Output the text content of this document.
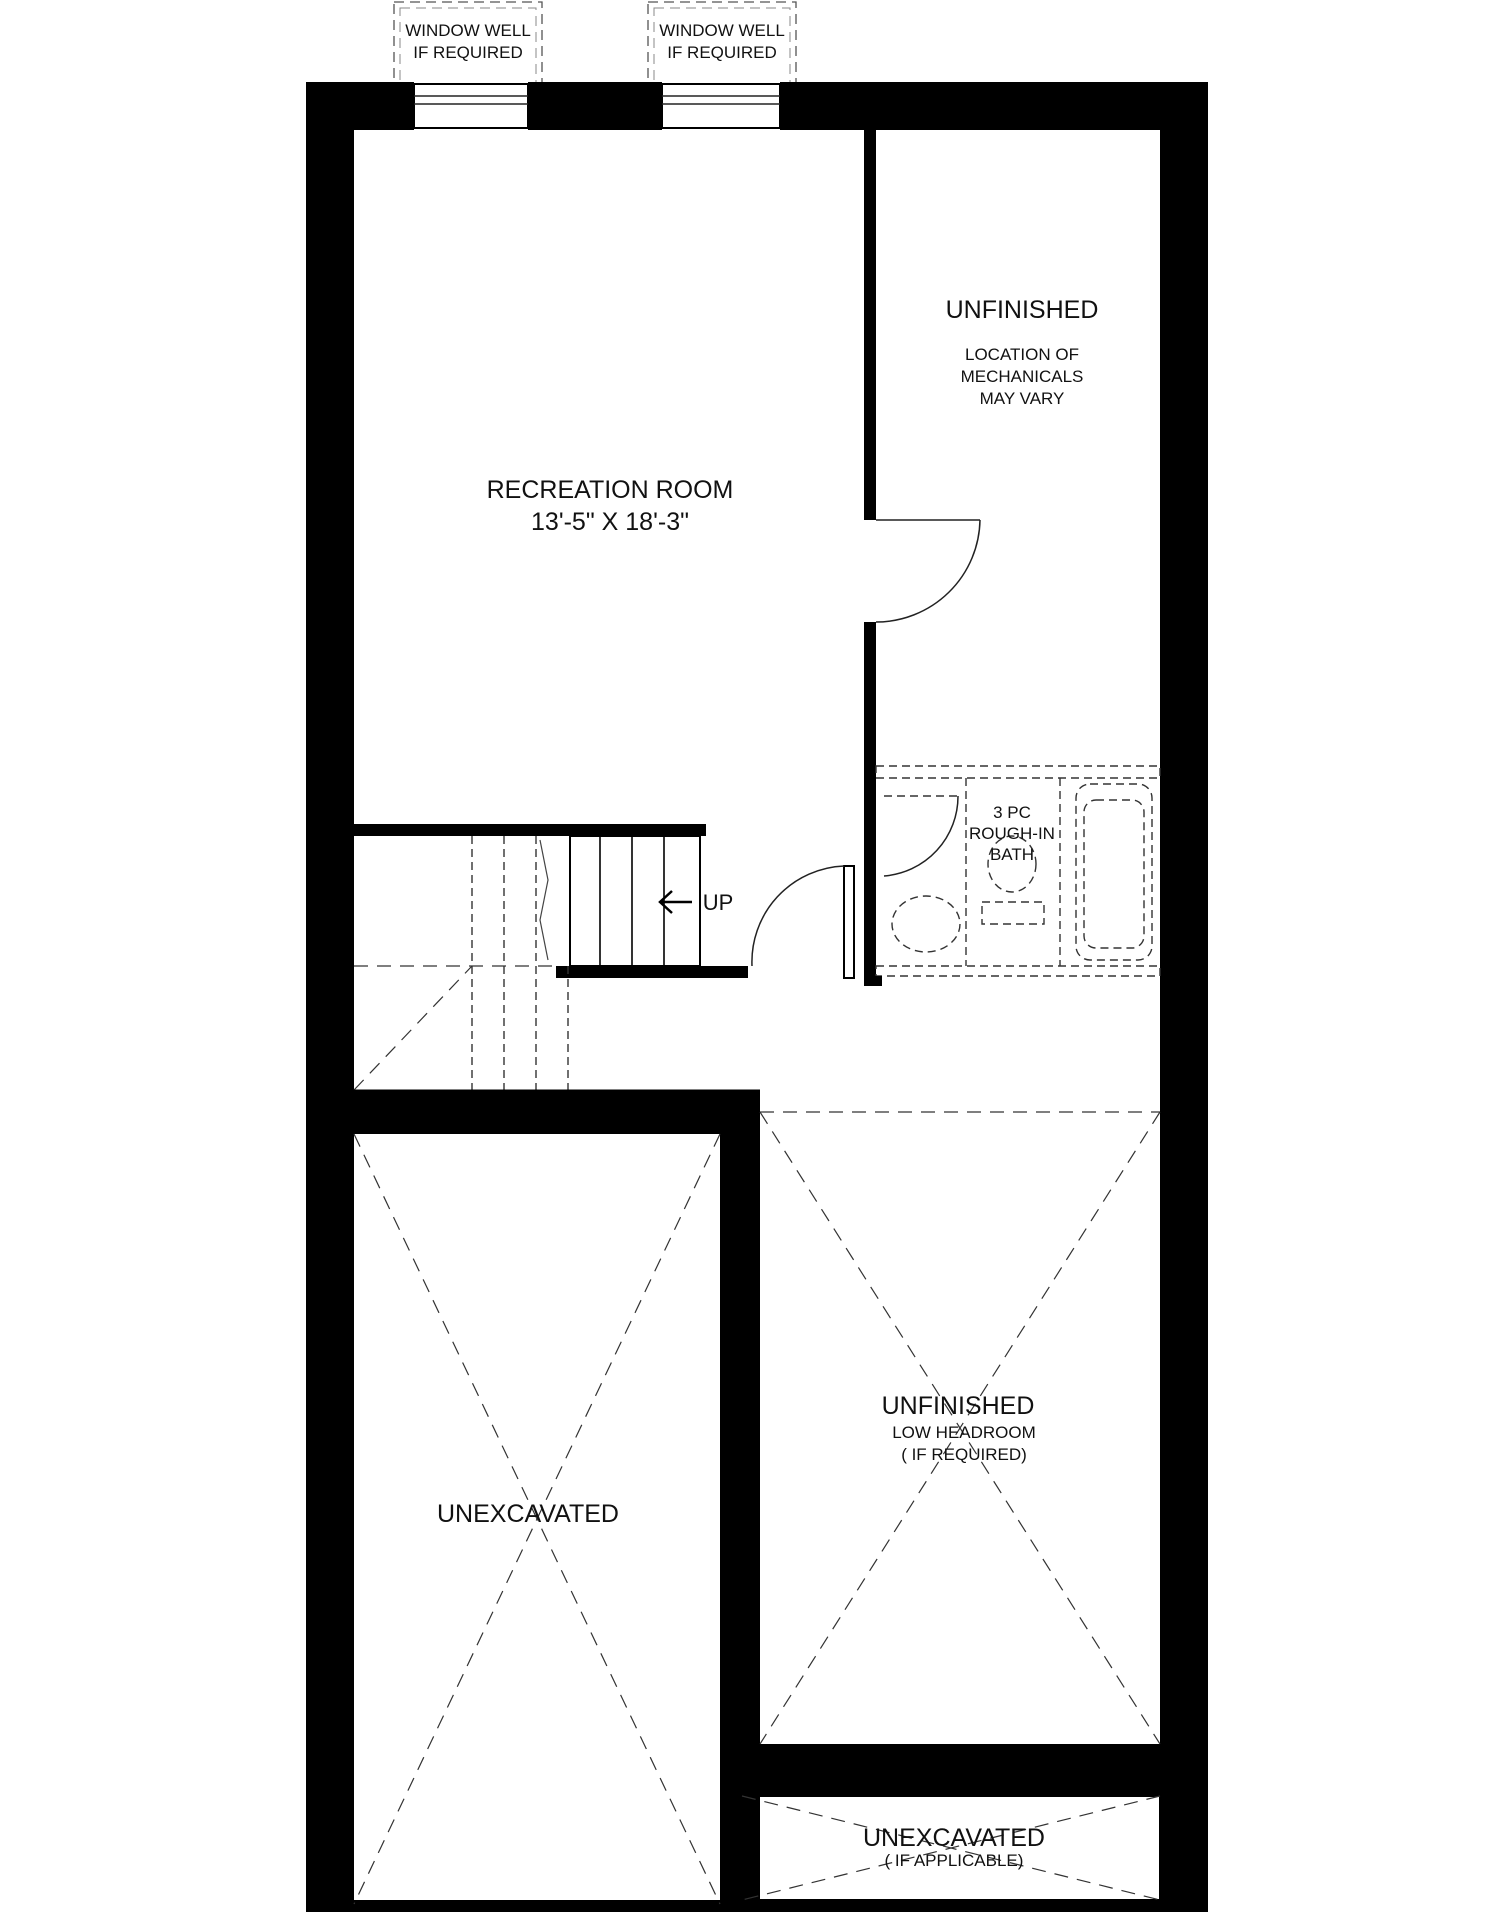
WINDOW WELL
IF REQUIRED
WINDOW WELL
IF REQUIRED
RECREATION ROOM
13'-5" X 18'-3"
UNFINISHED
LOCATION OF
MECHANICALS
MAY VARY
3 PC
ROUGH-IN
BATH
UP
UNEXCAVATED
UNFINISHED
LOW HEADROOM
( IF REQUIRED)
UNEXCAVATED
( IF APPLICABLE)
